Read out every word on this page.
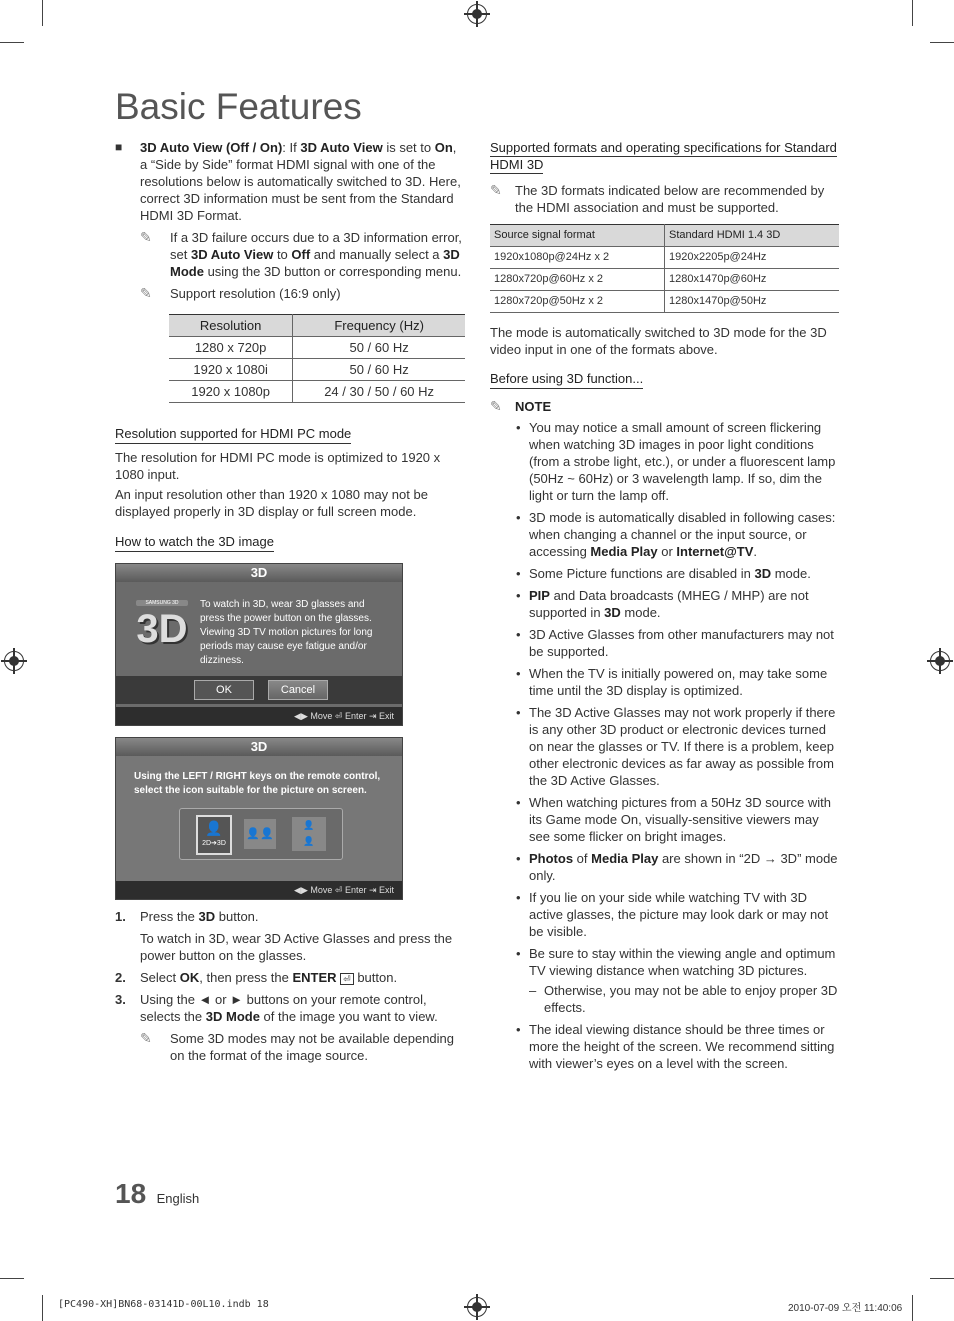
Basic Features

■ 3D Auto View (Off / On): If 3D Auto View is set to On, a “Side by Side” format HDMI signal with one of the resolutions below is automatically switched to 3D. Here, correct 3D information must be sent from the Standard HDMI 3D Format.

✎	If a 3D failure occurs due to a 3D information error, set 3D Auto View to Off and manually select a 3D Mode using the 3D button or corresponding menu.

✎	Support resolution (16:9 only)

Resolution	Frequency (Hz)
1280 x 720p	50 / 60 Hz
1920 x 1080i	50 / 60 Hz
1920 x 1080p	24 / 30 / 50 / 60 Hz
Resolution supported for HDMI PC mode

The resolution for HDMI PC mode is optimized to 1920 x 1080 input.

An input resolution other than 1920 x 1080 may not be displayed properly in 3D display or full screen mode.

How to watch the 3D image
3D
SAMSUNG 3D
3D
To watch in 3D, wear 3D glasses and press the power button on the glasses. Viewing 3D TV motion pictures for long periods may cause eye fatigue and/or dizziness.
OK	Cancel
◀▶ Move ⏎ Enter ⇥ Exit
3D
Using the LEFT / RIGHT keys on the remote control, select the icon suitable for the picture on screen.
👤
2D➔3D
👤👤
👤
👤
◀▶ Move ⏎ Enter ⇥ Exit
1. Press the 3D button.
To watch in 3D, wear 3D Active Glasses and press the power button on the glasses.
2. Select OK, then press the ENTER ⏎ button.
3. Using the ◄ or ► buttons on your remote control, selects the 3D Mode of the image you want to view.

✎	Some 3D modes may not be available depending on the format of the image source.

Supported formats and operating specifications for Standard HDMI 3D

✎	The 3D formats indicated below are recommended by the HDMI association and must be supported.

Source signal format	Standard HDMI 1.4 3D
1920x1080p@24Hz x 2	1920x2205p@24Hz
1280x720p@60Hz x 2	1280x1470p@60Hz
1280x720p@50Hz x 2	1280x1470p@50Hz

The mode is automatically switched to 3D mode for the 3D video input in one of the formats above.

Before using 3D function...

✎	NOTE

• You may notice a small amount of screen flickering when watching 3D images in poor light conditions (from a strobe light, etc.), or under a fluorescent lamp (50Hz ~ 60Hz) or 3 wavelength lamp. If so, dim the light or turn the lamp off.
• 3D mode is automatically disabled in following cases: when changing a channel or the input source, or accessing Media Play or Internet@TV.
• Some Picture functions are disabled in 3D mode.
• PIP and Data broadcasts (MHEG / MHP) are not supported in 3D mode.
• 3D Active Glasses from other manufacturers may not be supported.
• When the TV is initially powered on, may take some time until the 3D display is optimized.
• The 3D Active Glasses may not work properly if there is any other 3D product or electronic devices turned on near the glasses or TV. If there is a problem, keep other electronic devices as far away as possible from the 3D Active Glasses.
• When watching pictures from a 50Hz 3D source with its Game mode On, visually-sensitive viewers may see some flicker on bright images.
• Photos of Media Play are shown in “2D → 3D” mode only.
• If you lie on your side while watching TV with 3D active glasses, the picture may look dark or may not be visible.
• Be sure to stay within the viewing angle and optimum TV viewing distance when watching 3D pictures.
– Otherwise, you may not be able to enjoy proper 3D effects.
• The ideal viewing distance should be three times or more the height of the screen. We recommend sitting with viewer’s eyes on a level with the screen.
18 English
[PC490-XH]BN68-03141D-00L10.indb 18	2010-07-09 오전 11:40:06
